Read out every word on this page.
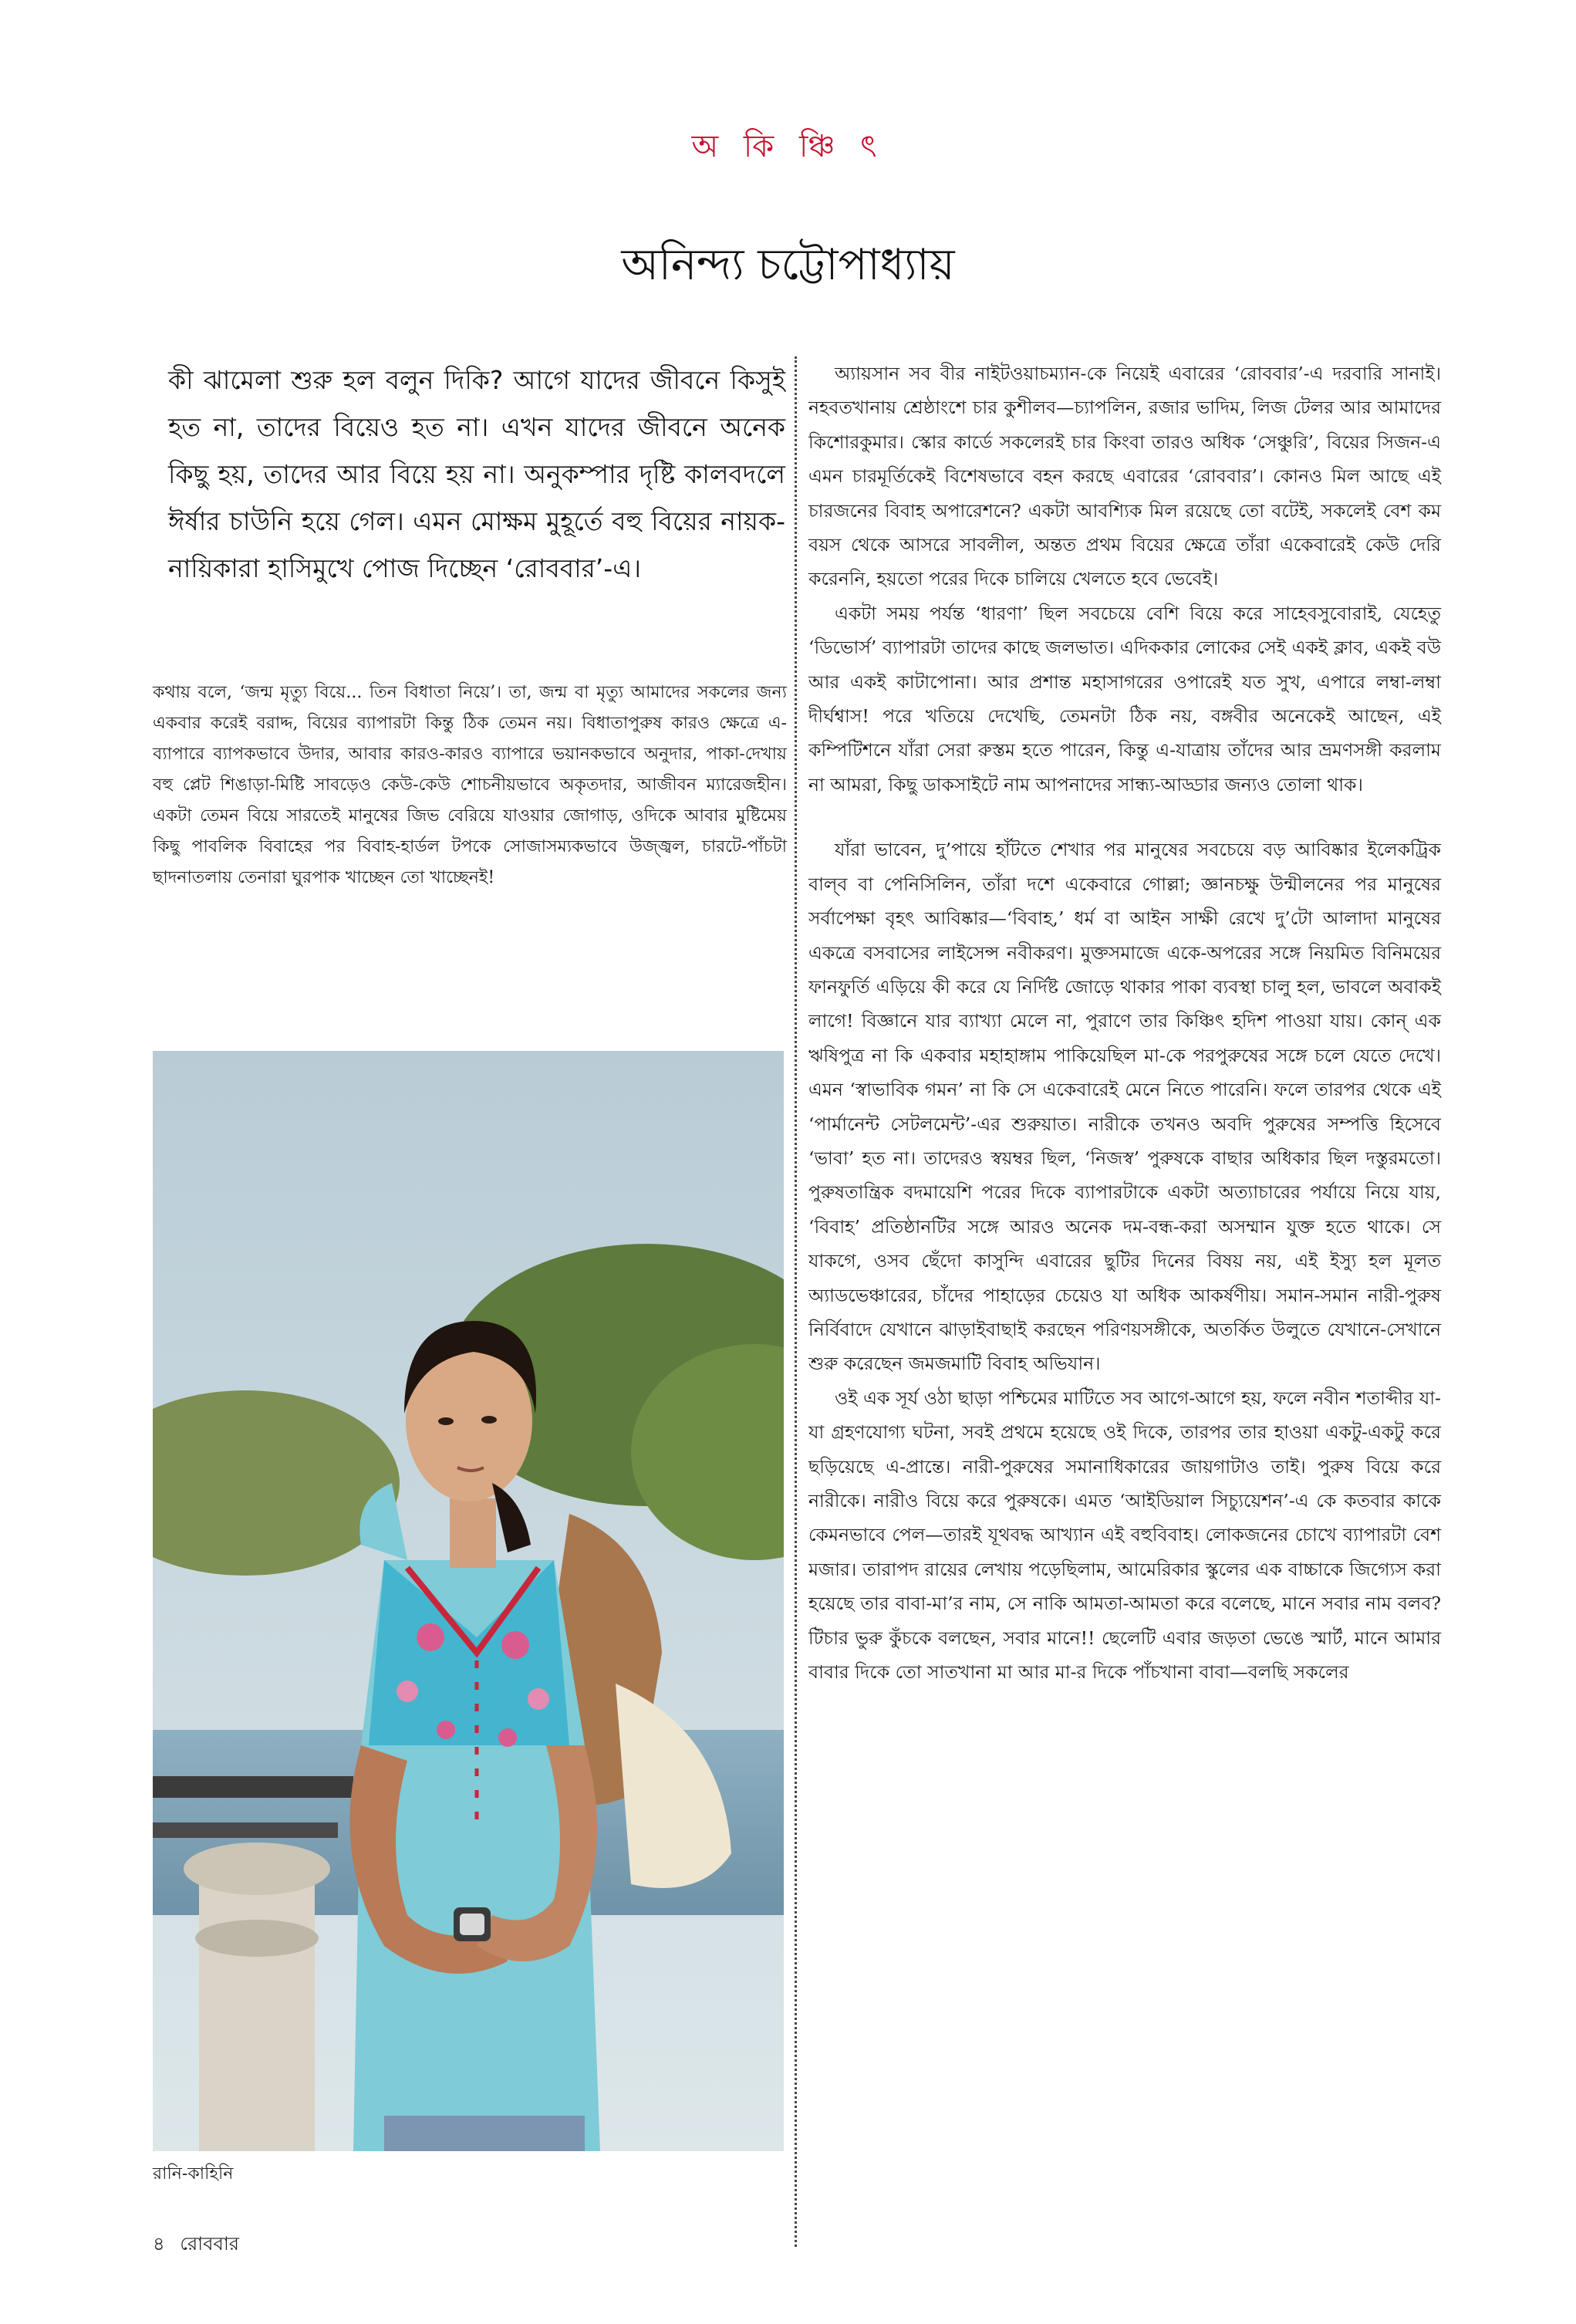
অ কি ঞ্চি ৎ
অনিন্দ্য চট্টোপাধ্যায়
কী ঝামেলা শুরু হল বলুন দিকি? আগে যাদের জীবনে কিসুই হত না, তাদের বিয়েও হত না। এখন যাদের জীবনে অনেক কিছু হয়, তাদের আর বিয়ে হয় না। অনুকম্পার দৃষ্টি কালবদলে ঈর্ষার চাউনি হয়ে গেল। এমন মোক্ষম মুহূর্তে বহু বিয়ের নায়ক-নায়িকারা হাসিমুখে পোজ দিচ্ছেন ‘রোববার’-এ।
কথায় বলে, ‘জন্ম মৃত্যু বিয়ে... তিন বিধাতা নিয়ে’। তা, জন্ম বা মৃত্যু আমাদের সকলের জন্য একবার করেই বরাদ্দ, বিয়ের ব্যাপারটা কিন্তু ঠিক তেমন নয়। বিধাতাপুরুষ কারও ক্ষেত্রে এ-ব্যাপারে ব্যাপকভাবে উদার, আবার কারও-কারও ব্যাপারে ভয়ানকভাবে অনুদার, পাকা-দেখায় বহু প্লেট শিঙাড়া-মিষ্টি সাবড়েও কেউ-কেউ শোচনীয়ভাবে অকৃতদার, আজীবন ম্যারেজহীন। একটা তেমন বিয়ে সারতেই মানুষের জিভ বেরিয়ে যাওয়ার জোগাড়, ওদিকে আবার মুষ্টিমেয় কিছু পাবলিক বিবাহের পর বিবাহ-হার্ডল টপকে সোজাসম্যকভাবে উজ্জ্বল, চারটে-পাঁচটা ছাদনাতলায় তেনারা ঘুরপাক খাচ্ছেন তো খাচ্ছেনই!
রানি-কাহিনি

অ্যায়সান সব বীর নাইটওয়াচম্যান-কে নিয়েই এবারের ‘রোববার’-এ দরবারি সানাই। নহবতখানায় শ্রেষ্ঠাংশে চার কুশীলব—চ্যাপলিন, রজার ভাদিম, লিজ টেলর আর আমাদের কিশোরকুমার। স্কোর কার্ডে সকলেরই চার কিংবা তারও অধিক ‘সেঞ্চুরি’, বিয়ের সিজন-এ এমন চারমূর্তিকেই বিশেষভাবে বহন করছে এবারের ‘রোববার’। কোনও মিল আছে এই চারজনের বিবাহ অপারেশনে? একটা আবশ্যিক মিল রয়েছে তো বটেই, সকলেই বেশ কম বয়স থেকে আসরে সাবলীল, অন্তত প্রথম বিয়ের ক্ষেত্রে তাঁরা একেবারেই কেউ দেরি করেননি, হয়তো পরের দিকে চালিয়ে খেলতে হবে ভেবেই।

একটা সময় পর্যন্ত ‘ধারণা’ ছিল সবচেয়ে বেশি বিয়ে করে সাহেবসুবোরাই, যেহেতু ‘ডিভোর্স’ ব্যাপারটা তাদের কাছে জলভাত। এদিককার লোকের সেই একই ক্লাব, একই বউ আর একই কাটাপোনা। আর প্রশান্ত মহাসাগরের ওপারেই যত সুখ, এপারে লম্বা-লম্বা দীর্ঘশ্বাস! পরে খতিয়ে দেখেছি, তেমনটা ঠিক নয়, বঙ্গবীর অনেকেই আছেন, এই কম্পিটিশনে যাঁরা সেরা রুস্তম হতে পারেন, কিন্তু এ-যাত্রায় তাঁদের আর ভ্রমণসঙ্গী করলাম না আমরা, কিছু ডাকসাইটে নাম আপনাদের সান্ধ্য-আড্ডার জন্যও তোলা থাক।

যাঁরা ভাবেন, দু’পায়ে হাঁটতে শেখার পর মানুষের সবচেয়ে বড় আবিষ্কার ইলেকট্রিক বাল্‌ব বা পেনিসিলিন, তাঁরা দশে একেবারে গোল্লা; জ্ঞানচক্ষু উন্মীলনের পর মানুষের সর্বাপেক্ষা বৃহৎ আবিষ্কার—‘বিবাহ,’ ধর্ম বা আইন সাক্ষী রেখে দু’টো আলাদা মানুষের একত্রে বসবাসের লাইসেন্স নবীকরণ। মুক্তসমাজে একে-অপরের সঙ্গে নিয়মিত বিনিময়ের ফানফুর্তি এড়িয়ে কী করে যে নির্দিষ্ট জোড়ে থাকার পাকা ব্যবস্থা চালু হল, ভাবলে অবাকই লাগে! বিজ্ঞানে যার ব্যাখ্যা মেলে না, পুরাণে তার কিঞ্চিৎ হদিশ পাওয়া যায়। কোন্‌ এক ঋষিপুত্র না কি একবার মহাহাঙ্গাম পাকিয়েছিল মা-কে পরপুরুষের সঙ্গে চলে যেতে দেখে। এমন ‘স্বাভাবিক গমন’ না কি সে একেবারেই মেনে নিতে পারেনি। ফলে তারপর থেকে এই ‘পার্মানেন্ট সেটলমেন্ট’-এর শুরুয়াত। নারীকে তখনও অবদি পুরুষের সম্পত্তি হিসেবে ‘ভাবা’ হত না। তাদেরও স্বয়ম্বর ছিল, ‘নিজস্ব’ পুরুষকে বাছার অধিকার ছিল দস্তুরমতো। পুরুষতান্ত্রিক বদমায়েশি পরের দিকে ব্যাপারটাকে একটা অত্যাচারের পর্যায়ে নিয়ে যায়, ‘বিবাহ’ প্রতিষ্ঠানটির সঙ্গে আরও অনেক দম-বন্ধ-করা অসম্মান যুক্ত হতে থাকে। সে যাকগে, ওসব ছেঁদো কাসুন্দি এবারের ছুটির দিনের বিষয় নয়, এই ইস্যু হল মূলত অ্যাডভেঞ্চারের, চাঁদের পাহাড়ের চেয়েও যা অধিক আকর্ষণীয়। সমান-সমান নারী-পুরুষ নির্বিবাদে যেখানে ঝাড়াইবাছাই করছেন পরিণয়সঙ্গীকে, অতর্কিত উলুতে যেখানে-সেখানে শুরু করেছেন জমজমাটি বিবাহ অভিযান।

ওই এক সূর্য ওঠা ছাড়া পশ্চিমের মাটিতে সব আগে-আগে হয়, ফলে নবীন শতাব্দীর যা-যা গ্রহণযোগ্য ঘটনা, সবই প্রথমে হয়েছে ওই দিকে, তারপর তার হাওয়া একটু-একটু করে ছড়িয়েছে এ-প্রান্তে। নারী-পুরুষের সমানাধিকারের জায়গাটাও তাই। পুরুষ বিয়ে করে নারীকে। নারীও বিয়ে করে পুরুষকে। এমত ‘আইডিয়াল সিচ্যুয়েশন’-এ কে কতবার কাকে কেমনভাবে পেল—তারই যূথবদ্ধ আখ্যান এই বহুবিবাহ। লোকজনের চোখে ব্যাপারটা বেশ মজার। তারাপদ রায়ের লেখায় পড়েছিলাম, আমেরিকার স্কুলের এক বাচ্চাকে জিগ্যেস করা হয়েছে তার বাবা-মা’র নাম, সে নাকি আমতা-আমতা করে বলেছে, মানে সবার নাম বলব? টিচার ভুরু কুঁচকে বলছেন, সবার মানে!! ছেলেটি এবার জড়তা ভেঙে স্মার্ট, মানে আমার বাবার দিকে তো সাতখানা মা আর মা-র দিকে পাঁচখানা বাবা—বলছি সকলের

৪ রোববার
